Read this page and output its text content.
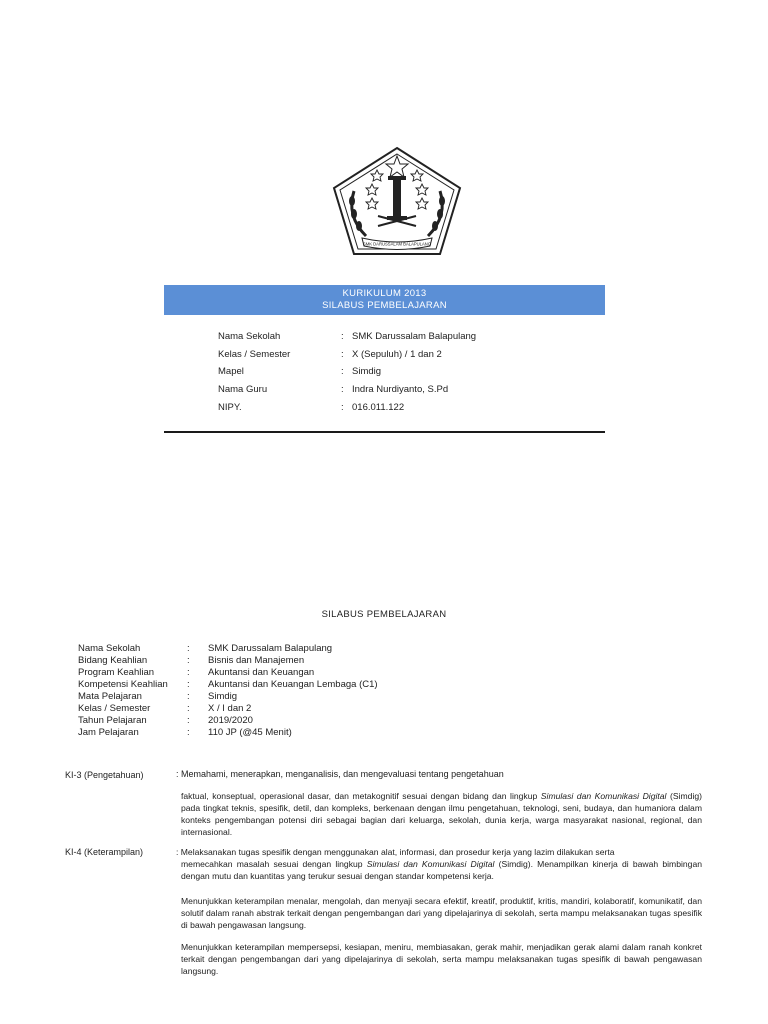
SMK DARUSSALAM BALAPULANG
KURIKULUM 2013
SILABUS PEMBELAJARAN
Nama Sekolah	: SMK Darussalam Balapulang
Kelas / Semester	: X (Sepuluh) / 1 dan 2
Mapel	: Simdig
Nama Guru	: Indra Nurdiyanto, S.Pd
NIPY.	: 016.011.122
SILABUS PEMBELAJARAN
Nama Sekolah	: SMK Darussalam Balapulang
Bidang Keahlian	: Bisnis dan Manajemen
Program Keahlian	: Akuntansi dan Keuangan
Kompetensi Keahlian	: Akuntansi dan Keuangan Lembaga (C1)
Mata Pelajaran	: Simdig
Kelas / Semester	: X / I dan 2
Tahun Pelajaran	: 2019/2020
Jam Pelajaran	: 110 JP (@45 Menit)
KI-3 (Pengetahuan)	: Memahami, menerapkan, menganalisis, dan mengevaluasi tentang pengetahuan
faktual, konseptual, operasional dasar, dan metakognitif sesuai dengan bidang dan lingkup Simulasi dan Komunikasi Digital (Simdig) pada tingkat teknis, spesifik, detil, dan kompleks, berkenaan dengan ilmu pengetahuan, teknologi, seni, budaya, dan humaniora dalam konteks pengembangan potensi diri sebagai bagian dari keluarga, sekolah, dunia kerja, warga masyarakat nasional, regional, dan internasional.
KI-4 (Keterampilan)	: Melaksanakan tugas spesifik dengan menggunakan alat, informasi, dan prosedur kerja yang lazim dilakukan serta
memecahkan masalah sesuai dengan lingkup Simulasi dan Komunikasi Digital (Simdig). Menampilkan kinerja di bawah bimbingan dengan mutu dan kuantitas yang terukur sesuai dengan standar kompetensi kerja.
Menunjukkan keterampilan menalar, mengolah, dan menyaji secara efektif, kreatif, produktif, kritis, mandiri, kolaboratif, komunikatif, dan solutif dalam ranah abstrak terkait dengan pengembangan dari yang dipelajarinya di sekolah, serta mampu melaksanakan tugas spesifik di bawah pengawasan langsung.
Menunjukkan keterampilan mempersepsi, kesiapan, meniru, membiasakan, gerak mahir, menjadikan gerak alami dalam ranah konkret terkait dengan pengembangan dari yang dipelajarinya di sekolah, serta mampu melaksanakan tugas spesifik di bawah pengawasan langsung.
